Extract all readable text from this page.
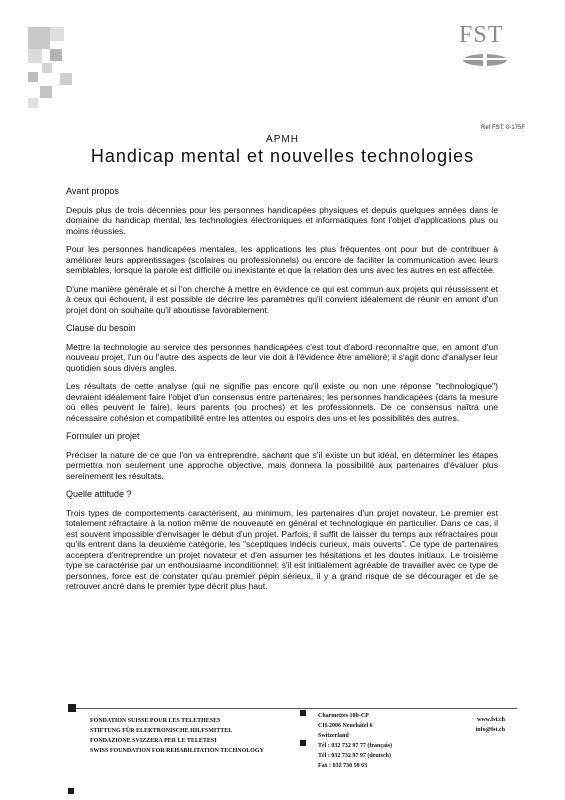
FST
Ref FST: 0-175F
APMH
Handicap mental et nouvelles technologies
Avant propos

Depuis plus de trois décennies pour les personnes handicapées physiques et depuis quelques années dans le domaine du handicap mental, les technologies électroniques et informatiques font l'objet d'applications plus ou moins réussies.

Pour les personnes handicapées mentales, les applications les plus fréquentes ont pour but de contribuer à améliorer leurs apprentissages (scolaires ou professionnels) ou encore de faciliter la communication avec leurs semblables, lorsque la parole est difficile ou inexistante et que la relation des uns avec les autres en est affectée.

D'une manière générale et si l'on cherche à mettre en évidence ce qui est commun aux projets qui réussissent et à ceux qui échouent, il est possible de décrire les paramètres qu'il convient idéalement de réunir en amont d'un projet dont on souhaite qu'il aboutisse favorablement.

Clause du besoin

Mettre la technologie au service des personnes handicapées c'est tout d'abord reconnaître que, en amont d'un nouveau projet, l'un ou l'autre des aspects de leur vie doit à l'évidence être amélioré; il s'agit donc d'analyser leur quotidien sous divers angles.

Les résultats de cette analyse (qui ne signifie pas encore qu'il existe ou non une réponse "technologique") devraient idéalement faire l'objet d'un consensus entre partenaires; les personnes handicapées (dans la mesure où elles peuvent le faire), leurs parents (ou proches) et les professionnels. De ce consensus naîtra une nécessaire cohésion et compatibilité entre les attentes ou espoirs des uns et les possibilités des autres.

Formuler un projet

Préciser la nature de ce que l'on va entreprendre, sachant que s'il existe un but idéal, en déterminer les étapes permettra non seulement une approche objective, mais donnera la possibilité aux partenaires d'évaluer plus sereinement les résultats.

Quelle attitude ?

Trois types de comportements caractérisent, au minimum, les partenaires d'un projet novateur. Le premier est totalement réfractaire à la notion même de nouveauté en général et technologique en particulier. Dans ce cas, il est souvent impossible d'envisager le début d'un projet. Parfois, il suffit de laisser du temps aux réfractaires pour qu'ils entrent dans la deuxième catégorie, les "sceptiques indécis curieux, mais ouverts". Ce type de partenaires acceptera d'entreprendre un projet novateur et d'en assumer les hésitations et les doutes initiaux. Le troisième type se caractérise par un enthousiasme inconditionnel: s'il est initialement agréable de travailler avec ce type de personnes, force est de constater qu'au premier pépin sérieux, il y a grand risque de se décourager et de se retrouver ancré dans le premier type décrit plus haut.

FONDATION SUISSE POUR LES TELETHESES
STIFTUNG FÜR ELEKTRONISCHE HILFSMITTEL
FONDAZIONE SVIZZERA PER LE TELETESI
SWISS FOUNDATION FOR REHABILITATION TECHNOLOGY
Charmettes 10b-CP
CH-2006 Neuchâtel 6
Switzerland
Tél : 032 732 97 77 (français)
Tél : 032 732 97 97 (deutsch)
Fax : 032 730 58 63
www.fst.ch
info@fst.ch
